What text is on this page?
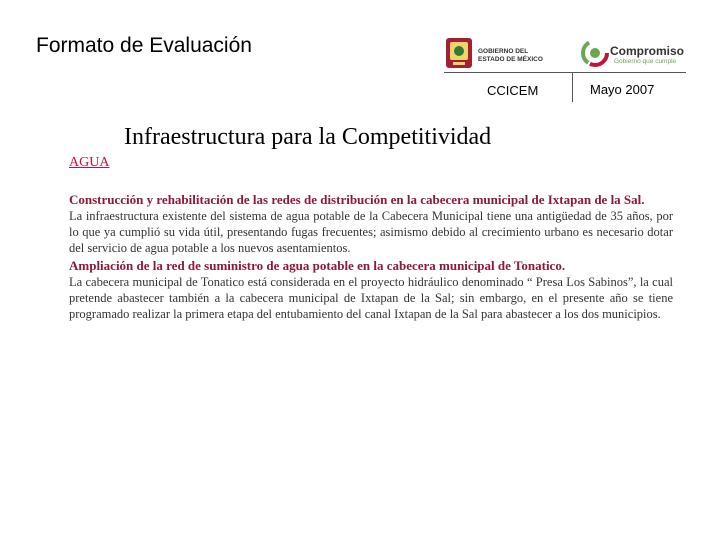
Formato de Evaluación	GOBIERNO DEL
ESTADO DE MÉXICO
Compromiso
Gobierno que cumple
CCICEM	Mayo 2007
Infraestructura para la Competitividad
AGUA

Construcción y rehabilitación de las redes de distribución en la cabecera municipal de Ixtapan de la Sal.

La infraestructura existente del sistema de agua potable de la Cabecera Municipal tiene una antigüedad de 35 años, por lo que ya cumplió su vida útil, presentando fugas frecuentes; asimismo debido al crecimiento urbano es necesario dotar del servicio de agua potable a los nuevos asentamientos.

Ampliación de la red de suministro de agua potable en la cabecera municipal de Tonatico.

La cabecera municipal de Tonatico está considerada en el proyecto hidráulico denominado “ Presa Los Sabinos”, la cual pretende abastecer también a la cabecera municipal de Ixtapan de la Sal; sin embargo, en el presente año se tiene programado realizar la primera etapa del entubamiento del canal Ixtapan de la Sal para abastecer a los dos municipios.
